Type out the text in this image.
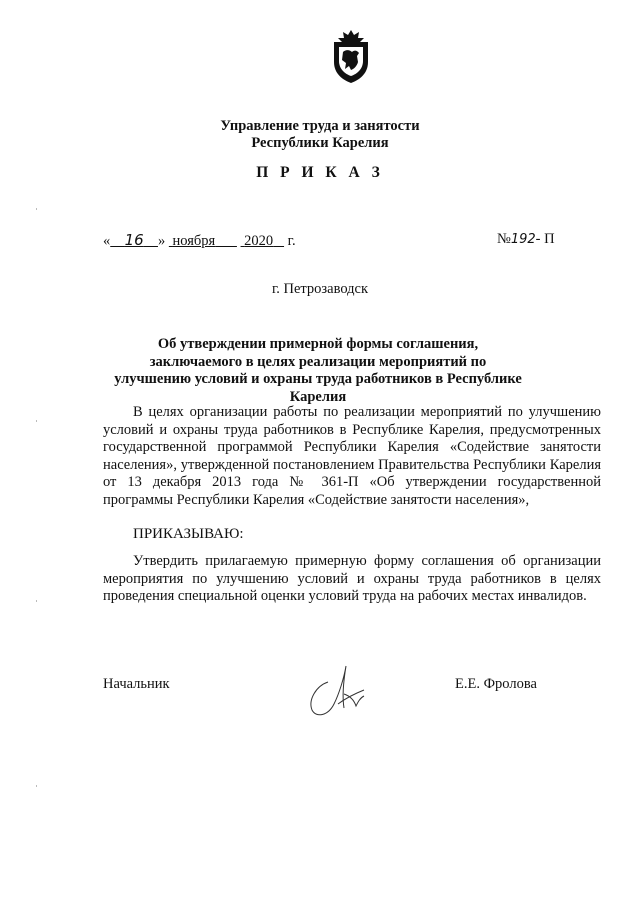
Управление труда и занятости
Республики Карелия
П Р И К А З
« 16 » ноября 2020 г.	№192- П
г. Петрозаводск
Об утверждении примерной формы соглашения, заключаемого в целях реализации мероприятий по улучшению условий и охраны труда работников в Республике Карелия

В целях организации работы по реализации мероприятий по улучшению условий и охраны труда работников в Республике Карелия, предусмотренных государственной программой Республики Карелия «Содействие занятости населения», утвержденной постановлением Правительства Республики Карелия от 13 декабря 2013 года № 361-П «Об утверждении государственной программы Республики Карелия «Содействие занятости населения»,

ПРИКАЗЫВАЮ:

Утвердить прилагаемую примерную форму соглашения об организации мероприятия по улучшению условий и охраны труда работников в целях проведения специальной оценки условий труда на рабочих местах инвалидов.

Начальник	Е.Е. Фролова
